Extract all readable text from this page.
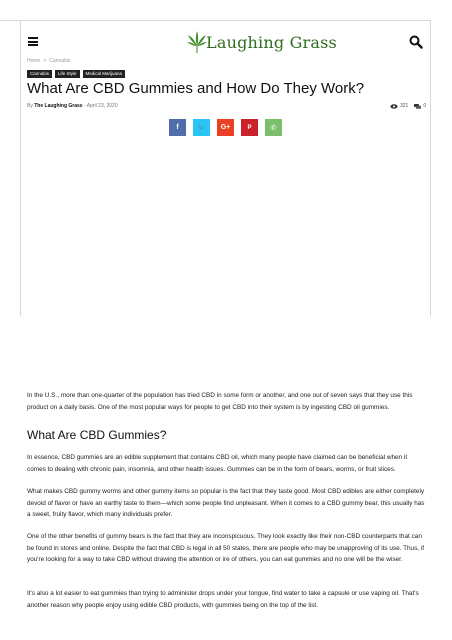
Laughing Grass
Home > Cannabis
Cannabis	Life Style	Medical Marijuana
What Are CBD Gummies and How Do They Work?
By The Laughing Grass - April 23, 2020	321	0
f	🐦 G+	P	✆

In the U.S., more than one-quarter of the population has tried CBD in some form or another, and one out of seven says that they use this product on a daily basis. One of the most popular ways for people to get CBD into their system is by ingesting CBD oil gummies.

What Are CBD Gummies?

In essence, CBD gummies are an edible supplement that contains CBD oil, which many people have claimed can be beneficial when it comes to dealing with chronic pain, insomnia, and other health issues. Gummies can be in the form of bears, worms, or fruit slices.

What makes CBD gummy worms and other gummy items so popular is the fact that they taste good. Most CBD edibles are either completely devoid of flavor or have an earthy taste to them—which some people find unpleasant. When it comes to a CBD gummy bear, this usually has a sweet, fruity flavor, which many individuals prefer.

One of the other benefits of gummy bears is the fact that they are inconspicuous. They look exactly like their non-CBD counterparts that can be found in stores and online. Despite the fact that CBD is legal in all 50 states, there are people who may be unapproving of its use. Thus, if you're looking for a way to take CBD without drawing the attention or ire of others, you can eat gummies and no one will be the wiser.

It's also a lot easier to eat gummies than trying to administer drops under your tongue, find water to take a capsule or use vaping oil. That's another reason why people enjoy using edible CBD products, with gummies being on the top of the list.
